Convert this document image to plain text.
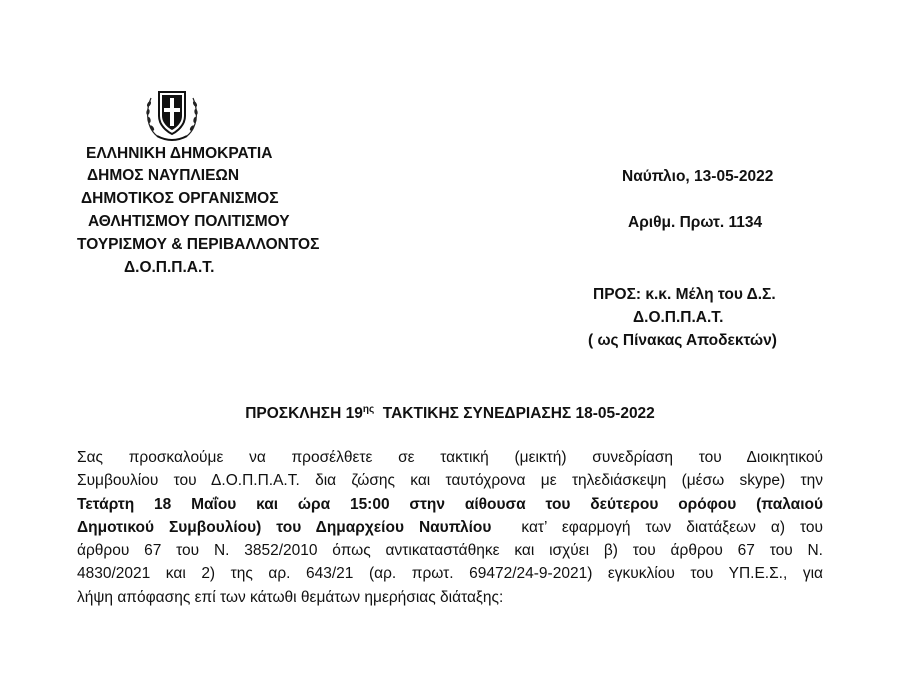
ΕΛΛΗΝΙΚΗ ΔΗΜΟΚΡΑΤΙΑ
ΔΗΜΟΣ ΝΑΥΠΛΙΕΩΝ
ΔΗΜΟΤΙΚΟΣ ΟΡΓΑΝΙΣΜΟΣ
ΑΘΛΗΤΙΣΜΟΥ ΠΟΛΙΤΙΣΜΟΥ
ΤΟΥΡΙΣΜΟΥ & ΠΕΡΙΒΑΛΛΟΝΤΟΣ
Δ.Ο.Π.Π.Α.Τ.
Ναύπλιο, 13-05-2022
Αριθμ. Πρωτ. 1134
ΠΡΟΣ: κ.κ. Μέλη του Δ.Σ.
Δ.Ο.Π.Π.Α.Τ.
( ως Πίνακας Αποδεκτών)
ΠΡΟΣΚΛΗΣΗ $19^{\eta\varsigma}$  ΤΑΚΤΙΚΗΣ ΣΥΝΕΔΡΙΑΣΗΣ 18-05-2022
Σας προσκαλούμε να προσέλθετε σε τακτική (μεικτή) συνεδρίαση του Διοικητικού
Συμβουλίου του Δ.Ο.Π.Π.Α.Τ. δια ζώσης και ταυτόχρονα με τηλεδιάσκεψη (μέσω skype) την
Τετάρτη 18 Μαΐου και ώρα 15:00 στην αίθουσα του δεύτερου ορόφου (παλαιού
Δημοτικού Συμβουλίου) του Δημαρχείου Ναυπλίου  κατ’ εφαρμογή των διατάξεων α) του
άρθρου 67 του Ν. 3852/2010 όπως αντικαταστάθηκε και ισχύει β) του άρθρου 67 του Ν.
4830/2021 και 2) της αρ. 643/21 (αρ. πρωτ. 69472/24-9-2021) εγκυκλίου του ΥΠ.Ε.Σ., για
λήψη απόφασης επί των κάτωθι θεμάτων ημερήσιας διάταξης:
